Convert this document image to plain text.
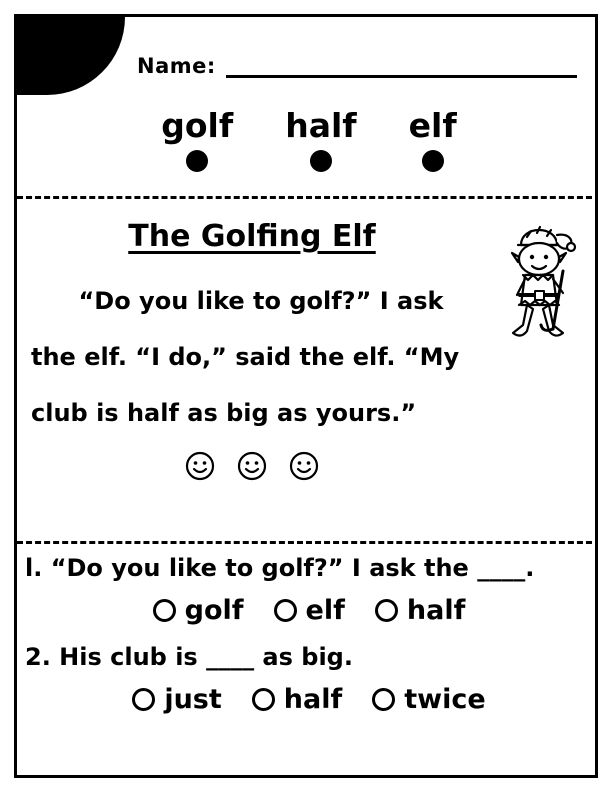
Name:
golf half elf
The Golfing Elf
“Do you like to golf?” I ask
the elf. “I do,” said the elf. “My
club is half as big as yours.”
l. “Do you like to golf?” I ask the ____.
golf elf half
2. His club is ____ as big.
just half twice
